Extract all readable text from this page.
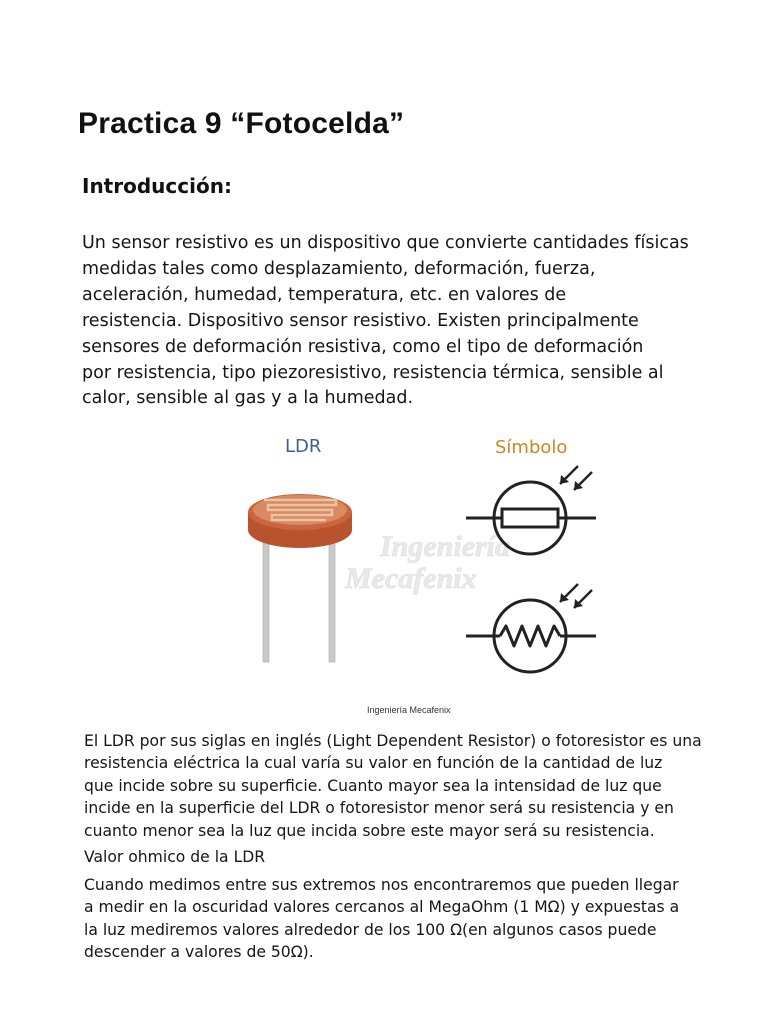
Practica 9 “Fotocelda”
Introducción:
Un sensor resistivo es un dispositivo que convierte cantidades físicas
medidas tales como desplazamiento, deformación, fuerza,
aceleración, humedad, temperatura, etc. en valores de
resistencia. Dispositivo sensor resistivo. Existen principalmente
sensores de deformación resistiva, como el tipo de deformación
por resistencia, tipo piezoresistivo, resistencia térmica, sensible al
calor, sensible al gas y a la humedad.
Ingeniería
Mecafenix
LDR	Símbolo

Ingeniería Mecafenix

El LDR por sus siglas en inglés (Light Dependent Resistor) o fotoresistor es una
resistencia eléctrica la cual varía su valor en función de la cantidad de luz
que incide sobre su superficie. Cuanto mayor sea la intensidad de luz que
incide en la superficie del LDR o fotoresistor menor será su resistencia y en
cuanto menor sea la luz que incida sobre este mayor será su resistencia.

Valor ohmico de la LDR

Cuando medimos entre sus extremos nos encontraremos que pueden llegar
a medir en la oscuridad valores cercanos al MegaOhm (1 MΩ) y expuestas a
la luz mediremos valores alrededor de los 100 Ω(en algunos casos puede
descender a valores de 50Ω).
